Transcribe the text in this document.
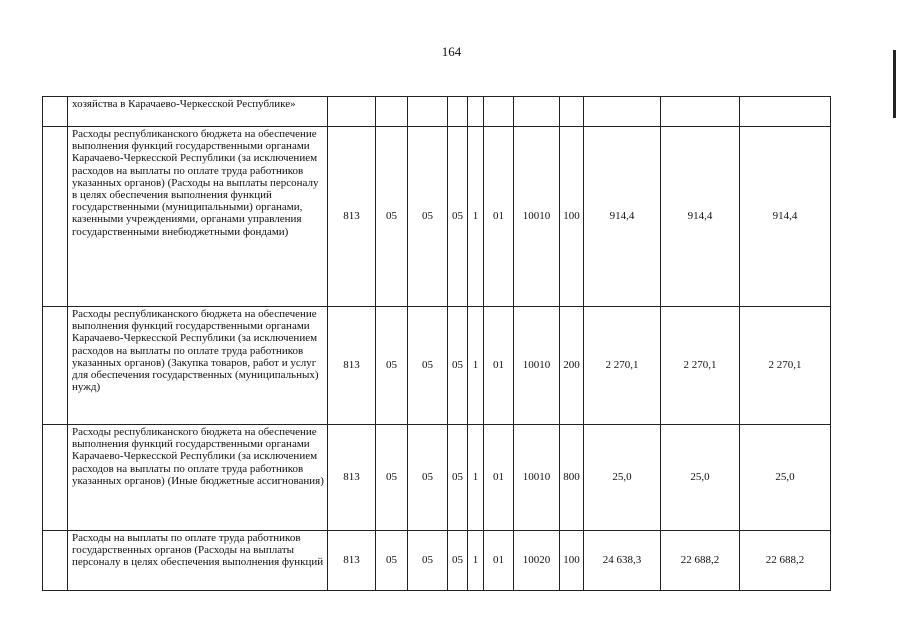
164
	хозяйства в Карачаево-Черкесской Республике»											
	Расходы республиканского бюджета на обеспечение выполнения функций государственными органами Карачаево-Черкесской Республики (за исключением расходов на выплаты по оплате труда работников указанных органов) (Расходы на выплаты персоналу в целях обеспечения выполнения функций государственными (муниципальными) органами, казенными учреждениями, органами управления государственными внебюджетными фондами)	813	05	05	05	1	01	10010	100	914,4	914,4	914,4
	Расходы республиканского бюджета на обеспечение выполнения функций государственными органами Карачаево-Черкесской Республики (за исключением расходов на выплаты по оплате труда работников указанных органов) (Закупка товаров, работ и услуг для обеспечения государственных (муниципальных) нужд)	813	05	05	05	1	01	10010	200	2 270,1	2 270,1	2 270,1
	Расходы республиканского бюджета на обеспечение выполнения функций государственными органами Карачаево-Черкесской Республики (за исключением расходов на выплаты по оплате труда работников указанных органов) (Иные бюджетные ассигнования)	813	05	05	05	1	01	10010	800	25,0	25,0	25,0
	Расходы на выплаты по оплате труда работников государственных органов (Расходы на выплаты персоналу в целях обеспечения выполнения функций	813	05	05	05	1	01	10020	100	24 638,3	22 688,2	22 688,2
